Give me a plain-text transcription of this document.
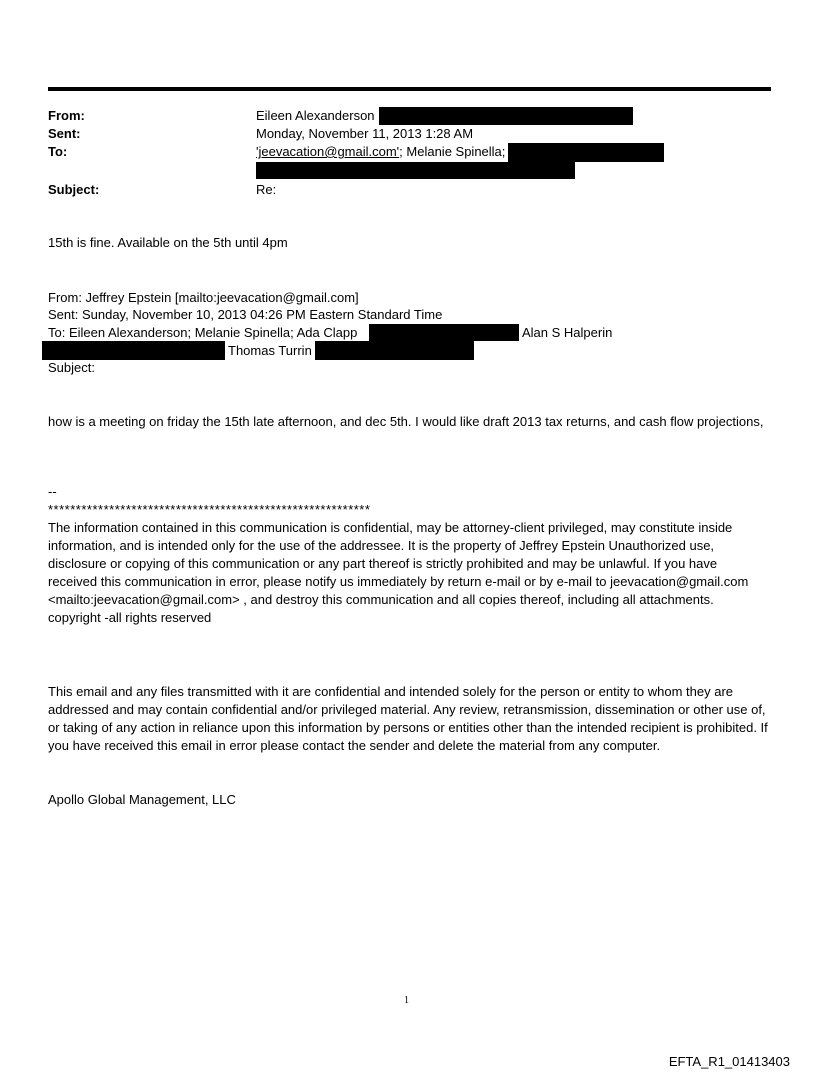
From:	Eileen Alexanderson
Sent:	Monday, November 11, 2013 1:28 AM
To:	'jeevacation@gmail.com'; Melanie Spinella;
Subject:	Re:
15th is fine. Available on the 5th until 4pm
From: Jeffrey Epstein [mailto:jeevacation@gmail.com]
Sent: Sunday, November 10, 2013 04:26 PM Eastern Standard Time
To: Eileen Alexanderson; Melanie Spinella; Ada Clapp	Alan S Halperin
Thomas Turrin
Subject:
how is a meeting on friday the 15th late afternoon, and dec 5th. I would like draft 2013 tax returns, and cash flow projections,
--
**********************************************************
The information contained in this communication is confidential, may be attorney-client privileged, may constitute inside information, and is intended only for the use of the addressee. It is the property of Jeffrey Epstein Unauthorized use, disclosure or copying of this communication or any part thereof is strictly prohibited and may be unlawful. If you have received this communication in error, please notify us immediately by return e-mail or by e-mail to jeevacation@gmail.com <mailto:jeevacation@gmail.com> , and destroy this communication and all copies thereof, including all attachments. copyright -all rights reserved
This email and any files transmitted with it are confidential and intended solely for the person or entity to whom they are addressed and may contain confidential and/or privileged material. Any review, retransmission, dissemination or other use of, or taking of any action in reliance upon this information by persons or entities other than the intended recipient is prohibited. If you have received this email in error please contact the sender and delete the material from any computer.
Apollo Global Management, LLC
1
EFTA_R1_01413403
